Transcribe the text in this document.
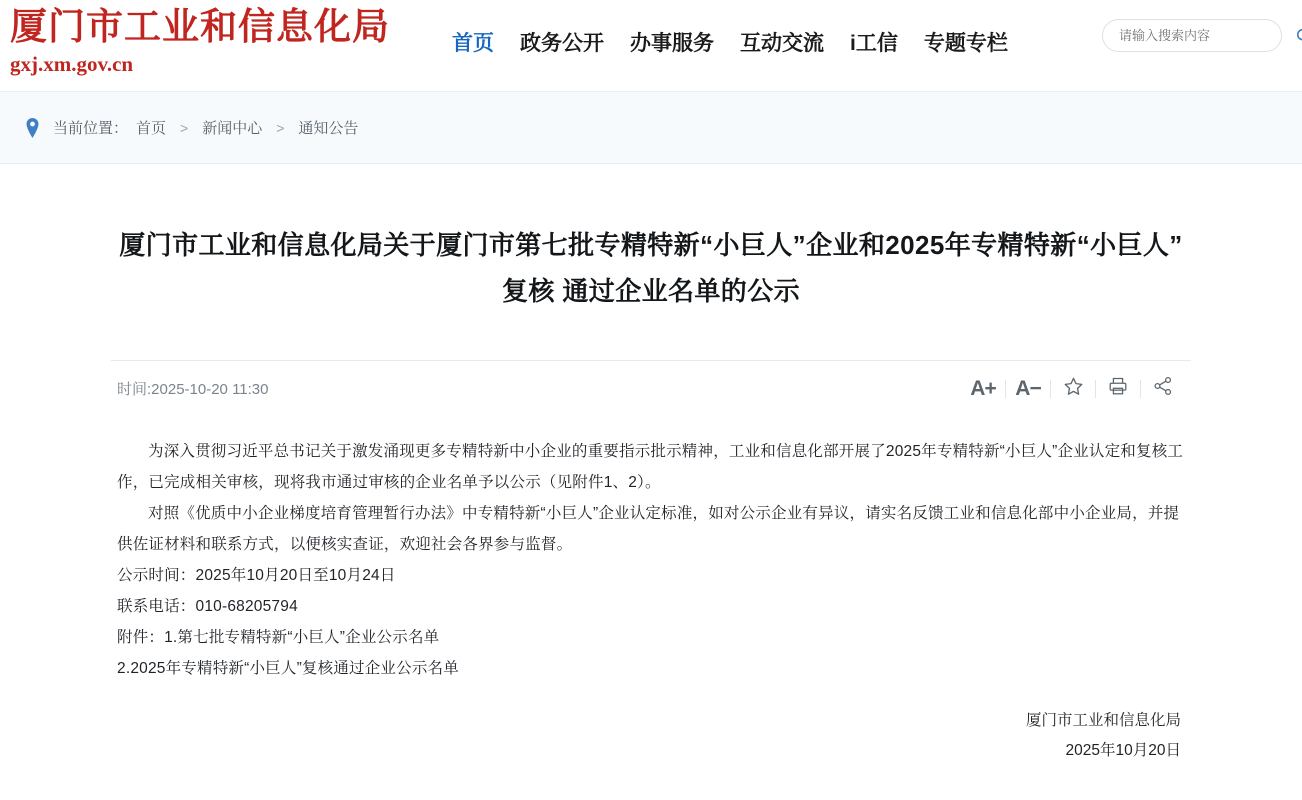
厦门市工业和信息化局
gxj.xm.gov.cn
首页 政务公开 办事服务 互动交流 i工信 专题专栏
请输入搜索内容
当前位置： 首页	> 新闻中心	> 通知公告
厦门市工业和信息化局关于厦门市第七批专精特新“小巨人”企业和2025年专精特新“小巨人”复核 通过企业名单的公示
时间:2025-10-20 11:30	A+ A−

为深入贯彻习近平总书记关于激发涌现更多专精特新中小企业的重要指示批示精神，工业和信息化部开展了2025年专精特新“小巨人”企业认定和复核工作，已完成相关审核，现将我市通过审核的企业名单予以公示（见附件1、2）。

对照《优质中小企业梯度培育管理暂行办法》中专精特新“小巨人”企业认定标准，如对公示企业有异议，请实名反馈工业和信息化部中小企业局，并提供佐证材料和联系方式，以便核实查证，欢迎社会各界参与监督。

公示时间：2025年10月20日至10月24日

联系电话：010-68205794

附件：1.第七批专精特新“小巨人”企业公示名单

2.2025年专精特新“小巨人”复核通过企业公示名单

厦门市工业和信息化局
2025年10月20日
